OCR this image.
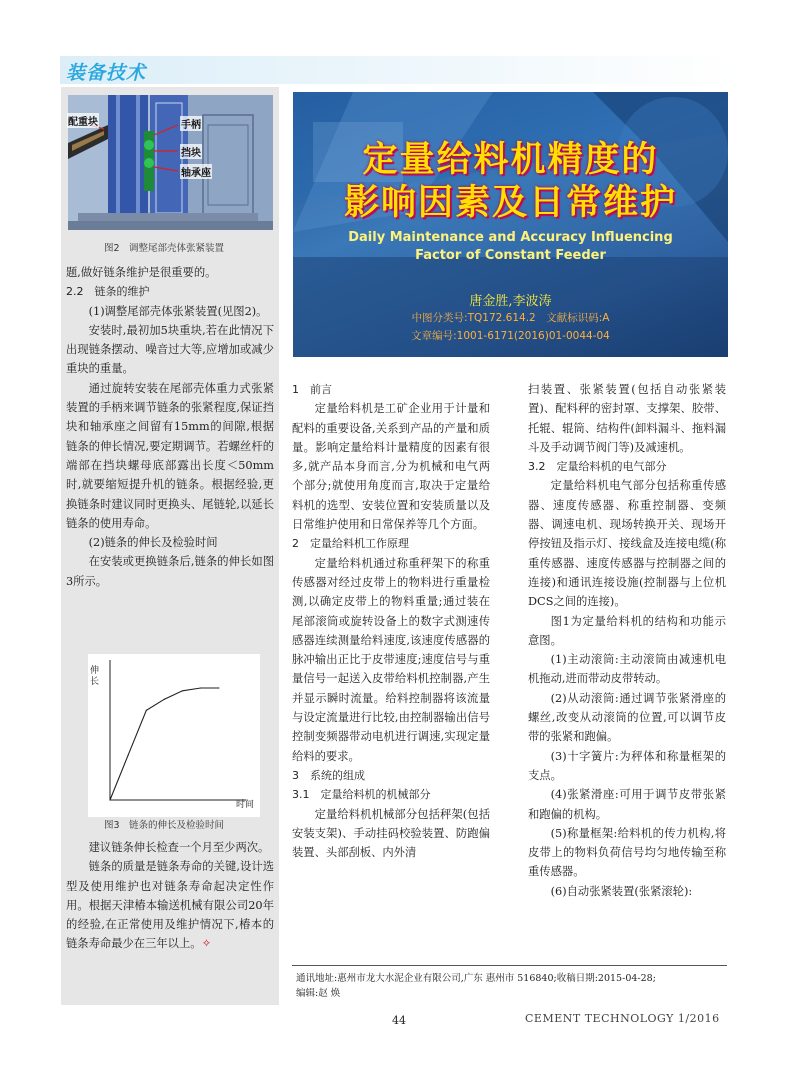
装备技术
配重块	手柄
挡块
轴承座
图2　调整尾部壳体张紧装置

题,做好链条维护是很重要的。

2.2　链条的维护

(1)调整尾部壳体张紧装置(见图2)。

安装时,最初加5块重块,若在此情况下出现链条摆动、噪音过大等,应增加或减少重块的重量。

通过旋转安装在尾部壳体重力式张紧装置的手柄来调节链条的张紧程度,保证挡块和轴承座之间留有15mm的间隙,根据链条的伸长情况,要定期调节。若螺丝杆的端部在挡块螺母底部露出长度＜50mm时,就要缩短提升机的链条。根据经验,更换链条时建议同时更换头、尾链轮,以延长链条的使用寿命。

(2)链条的伸长及检验时间

在安装或更换链条后,链条的伸长如图3所示。

伸长
时间
图3　链条的伸长及检验时间

建议链条伸长检查一个月至少两次。

链条的质量是链条寿命的关键,设计选型及使用维护也对链条寿命起决定性作用。根据天津椿本输送机械有限公司20年的经验,在正常使用及维护情况下,椿本的链条寿命最少在三年以上。✧

定量给料机精度的
影响因素及日常维护
Daily Maintenance and Accuracy Influencing Factor of Constant Feeder
唐金胜,李波涛
中图分类号:TQ172.614.2　文献标识码:A
文章编号:1001-6171(2016)01-0044-04

1　前言

定量给料机是工矿企业用于计量和配料的重要设备,关系到产品的产量和质量。影响定量给料计量精度的因素有很多,就产品本身而言,分为机械和电气两个部分;就使用角度而言,取决于定量给料机的选型、安装位置和安装质量以及日常维护使用和日常保养等几个方面。

2　定量给料机工作原理

定量给料机通过称重秤架下的称重传感器对经过皮带上的物料进行重量检测,以确定皮带上的物料重量;通过装在尾部滚筒或旋转设备上的数字式测速传感器连续测量给料速度,该速度传感器的脉冲输出正比于皮带速度;速度信号与重量信号一起送入皮带给料机控制器,产生并显示瞬时流量。给料控制器将该流量与设定流量进行比较,由控制器输出信号控制变频器带动电机进行调速,实现定量给料的要求。

3　系统的组成

3.1　定量给料机的机械部分

定量给料机机械部分包括秤架(包括安装支架)、手动挂码校验装置、防跑偏装置、头部刮板、内外清

扫装置、张紧装置(包括自动张紧装置)、配料秤的密封罩、支撑架、胶带、托辊、辊筒、结构件(卸料漏斗、拖料漏斗及手动调节阀门等)及减速机。

3.2　定量给料机的电气部分

定量给料机电气部分包括称重传感器、速度传感器、称重控制器、变频器、调速电机、现场转换开关、现场开停按钮及指示灯、接线盒及连接电缆(称重传感器、速度传感器与控制器之间的连接)和通讯连接设施(控制器与上位机DCS之间的连接)。

图1为定量给料机的结构和功能示意图。

(1)主动滚筒:主动滚筒由减速机电机拖动,进而带动皮带转动。

(2)从动滚筒:通过调节张紧滑座的螺丝,改变从动滚筒的位置,可以调节皮带的张紧和跑偏。

(3)十字簧片:为秤体和称量框架的支点。

(4)张紧滑座:可用于调节皮带张紧和跑偏的机构。

(5)称量框架:给料机的传力机构,将皮带上的物料负荷信号均匀地传输至称重传感器。

(6)自动张紧装置(张紧滚轮):

通讯地址:惠州市龙大水泥企业有限公司,广东 惠州市 516840;收稿日期:2015-04-28;
编辑:赵 焕
44	CEMENT TECHNOLOGY 1/2016
